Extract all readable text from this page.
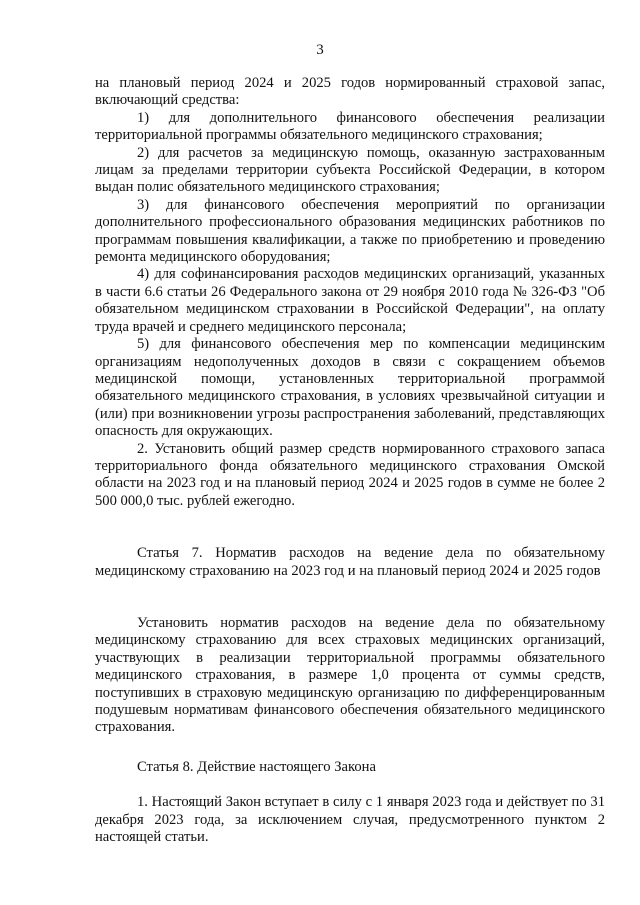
3

на плановый период 2024 и 2025 годов нормированный страховой запас, включающий средства:

1) для дополнительного финансового обеспечения реализации территориальной программы обязательного медицинского страхования;

2) для расчетов за медицинскую помощь, оказанную застрахованным лицам за пределами территории субъекта Российской Федерации, в котором выдан полис обязательного медицинского страхования;

3) для финансового обеспечения мероприятий по организации дополнительного профессионального образования медицинских работников по программам повышения квалификации, а также по приобретению и проведению ремонта медицинского оборудования;

4) для софинансирования расходов медицинских организаций, указанных в части 6.6 статьи 26 Федерального закона от 29 ноября 2010 года № 326-ФЗ "Об обязательном медицинском страховании в Российской Федерации", на оплату труда врачей и среднего медицинского персонала;

5) для финансового обеспечения мер по компенсации медицинским организациям недополученных доходов в связи с сокращением объемов медицинской помощи, установленных территориальной программой обязательного медицинского страхования, в условиях чрезвычайной ситуации и (или) при возникновении угрозы распространения заболеваний, представляющих опасность для окружающих.

2. Установить общий размер средств нормированного страхового запаса территориального фонда обязательного медицинского страхования Омской области на 2023 год и на плановый период 2024 и 2025 годов в сумме не более 2 500 000,0 тыс. рублей ежегодно.

Статья 7. Норматив расходов на ведение дела по обязательному медицинскому страхованию на 2023 год и на плановый период 2024 и 2025 годов

Установить норматив расходов на ведение дела по обязательному медицинскому страхованию для всех страховых медицинских организаций, участвующих в реализации территориальной программы обязательного медицинского страхования, в размере 1,0 процента от суммы средств, поступивших в страховую медицинскую организацию по дифференцированным подушевым нормативам финансового обеспечения обязательного медицинского страхования.

Статья 8. Действие настоящего Закона

1. Настоящий Закон вступает в силу с 1 января 2023 года и действует по 31 декабря 2023 года, за исключением случая, предусмотренного пунктом 2 настоящей статьи.
